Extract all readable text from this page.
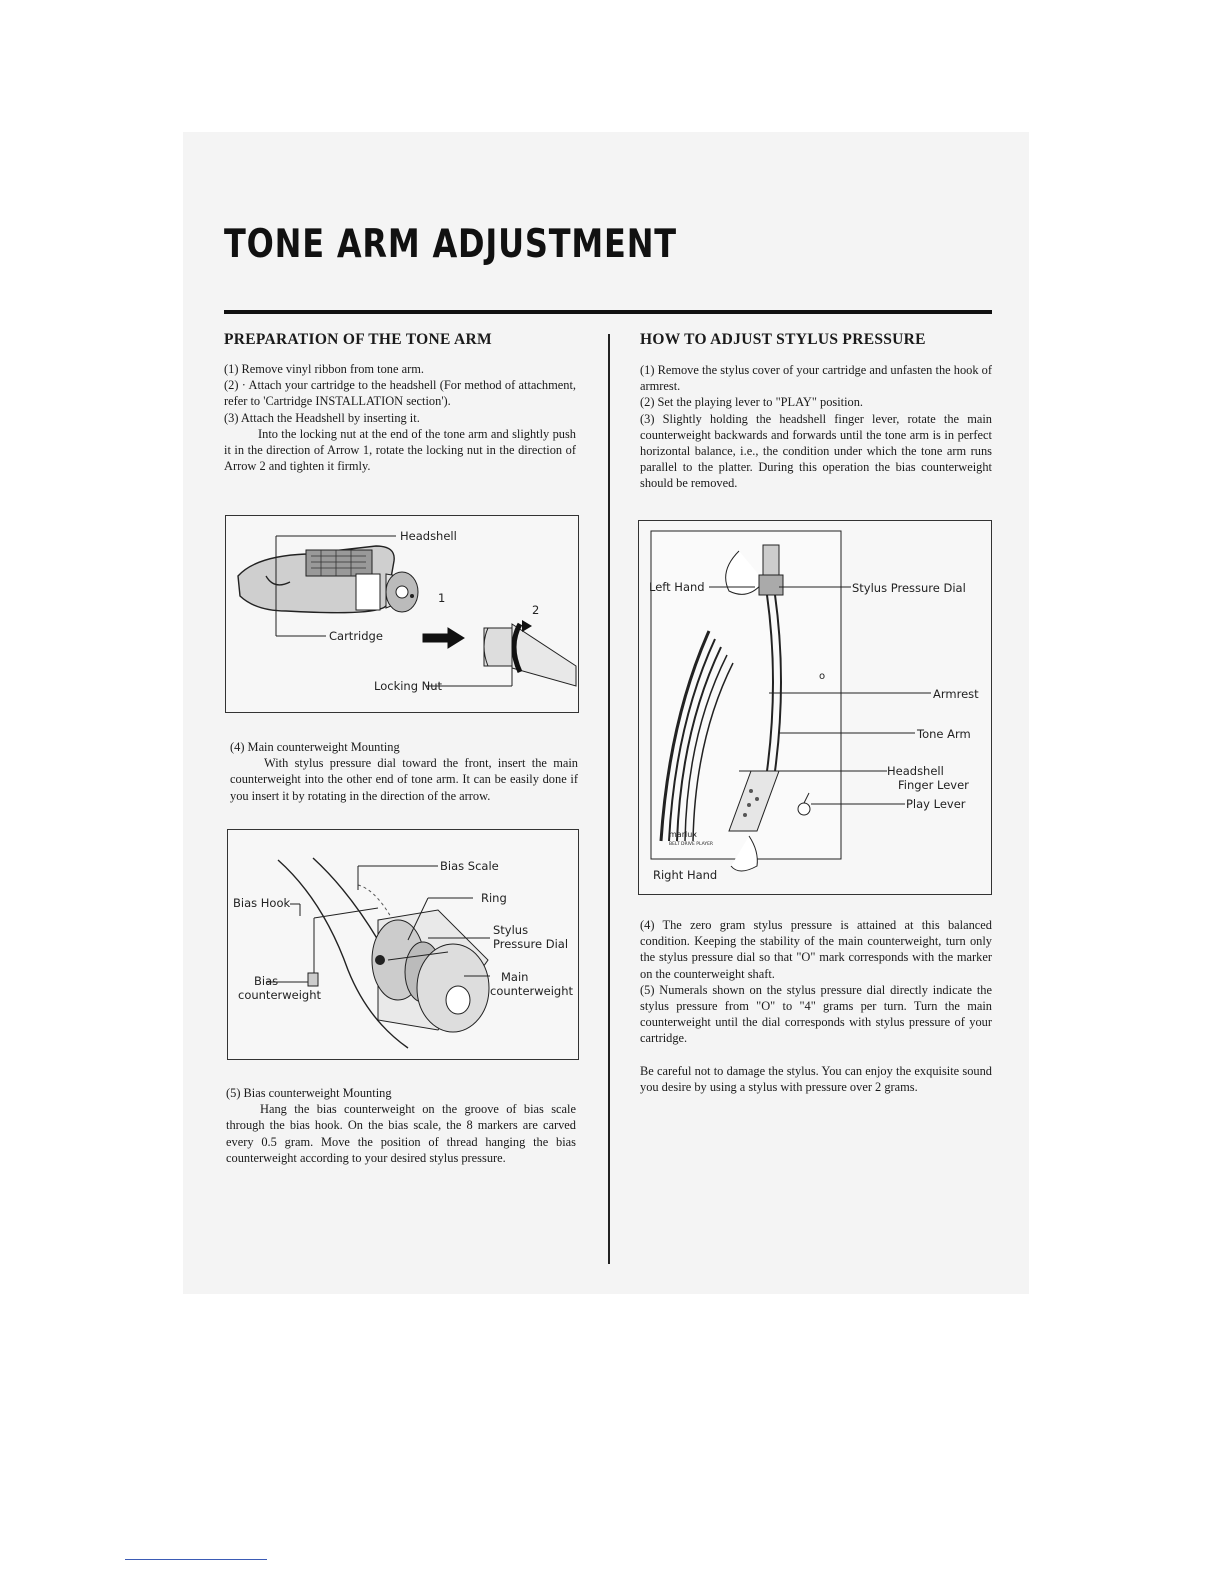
TONE ARM ADJUSTMENT
PREPARATION OF THE TONE ARM

(1) Remove vinyl ribbon from tone arm.

(2) · Attach your cartridge to the headshell (For method of attachment, refer to 'Cartridge INSTALLATION section').

(3) Attach the Headshell by inserting it.

Into the locking nut at the end of the tone arm and slightly push it in the direction of Arrow 1, rotate the locking nut in the direction of Arrow 2 and tighten it firmly.

Headshell
Cartridge
Locking Nut
1
2

(4) Main counterweight Mounting

With stylus pressure dial toward the front, insert the main counterweight into the other end of tone arm. It can be easily done if you insert it by rotating in the direction of the arrow.

Bias Scale
Ring
Stylus
Pressure Dial
Bias Hook
Bias
counterweight
Main
counterweight

(5) Bias counterweight Mounting

Hang the bias counterweight on the groove of bias scale through the bias hook. On the bias scale, the 8 markers are carved every 0.5 gram. Move the position of thread hanging the bias counterweight according to your desired stylus pressure.

HOW TO ADJUST STYLUS PRESSURE

(1) Remove the stylus cover of your cartridge and unfasten the hook of armrest.

(2) Set the playing lever to "PLAY" position.

(3) Slightly holding the headshell finger lever, rotate the main counterweight backwards and forwards until the tone arm is in perfect horizontal balance, i.e., the condition under which the tone arm runs parallel to the platter. During this operation the bias counterweight should be removed.

Left Hand	Stylus Pressure Dial
Armrest
Tone Arm
Headshell
Finger Lever
Play Lever
Right Hand
marlux
BELT DRIVE PLAYER
o

(4) The zero gram stylus pressure is attained at this balanced condition. Keeping the stability of the main counterweight, turn only the stylus pressure dial so that "O" mark corresponds with the marker on the counterweight shaft.

(5) Numerals shown on the stylus pressure dial directly indicate the stylus pressure from "O" to "4" grams per turn. Turn the main counterweight until the dial corresponds with stylus pressure of your cartridge.

Be careful not to damage the stylus. You can enjoy the exquisite sound you desire by using a stylus with pressure over 2 grams.
